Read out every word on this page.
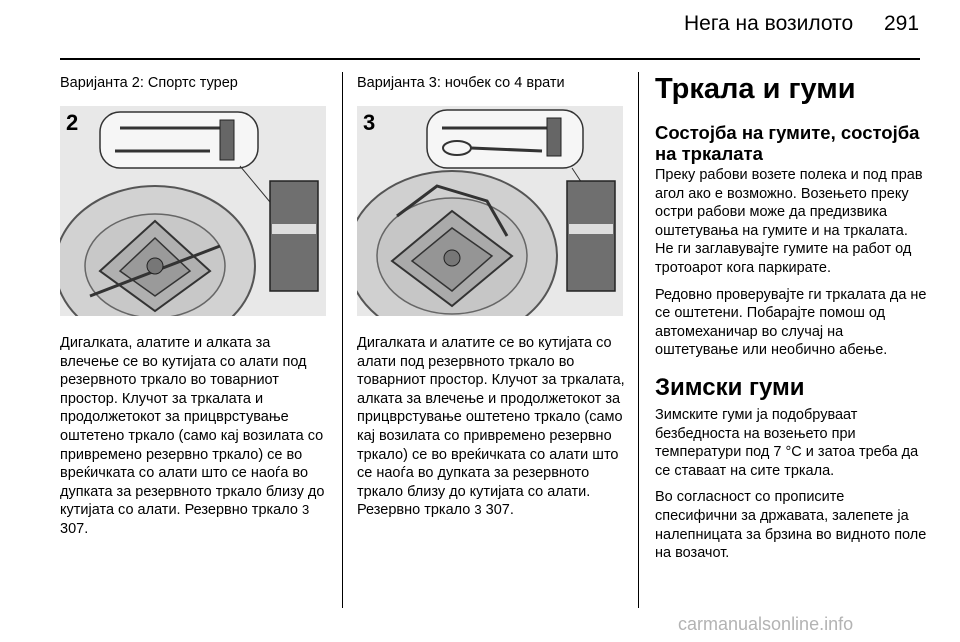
Нега на возилото 291

Варијанта 2: Спортс турер

2

Дигалката, алатите и алката за влечење се во кутијата со алати под резервното тркало во товарниот простор. Клучот за тркалата и продолжетокот за прицврстување оштетено тркало (само кај возилата со привремено резервно тркало) се во вреќичката со алати што се наоѓа во дупката за резервното тркало близу до кутијата со алати. Резервно тркало 3 307.

Варијанта 3: ночбек со 4 врати

3

Дигалката и алатите се во кутијата со алати под резервното тркало во товарниот простор. Клучот за тркалата, алката за влечење и продолжетокот за прицврстување оштетено тркало (само кај возилата со привремено резервно тркало) се во вреќичката со алати што се наоѓа во дупката за резервното тркало близу до кутијата со алати. Резервно тркало 3 307.

Тркала и гуми
Состојба на гумите, состојба на тркалата

Преку рабови возете полека и под прав агол ако е возможно. Возењето преку остри рабови може да предизвика оштетувања на гумите и на тркалата. Не ги заглавувајте гумите на работ од тротоарот кога паркирате.

Редовно проверувајте ги тркалата да не се оштетени. Побарајте помош од автомеханичар во случај на оштетување или необично абење.

Зимски гуми

Зимските гуми ја подобруваат безбедноста на возењето при температури под 7 °C и затоа треба да се ставаат на сите тркала.

Во согласност со прописите спесифични за државата, залепете ја налепницата за брзина во видното поле на возачот.

carmanualsonline.info
